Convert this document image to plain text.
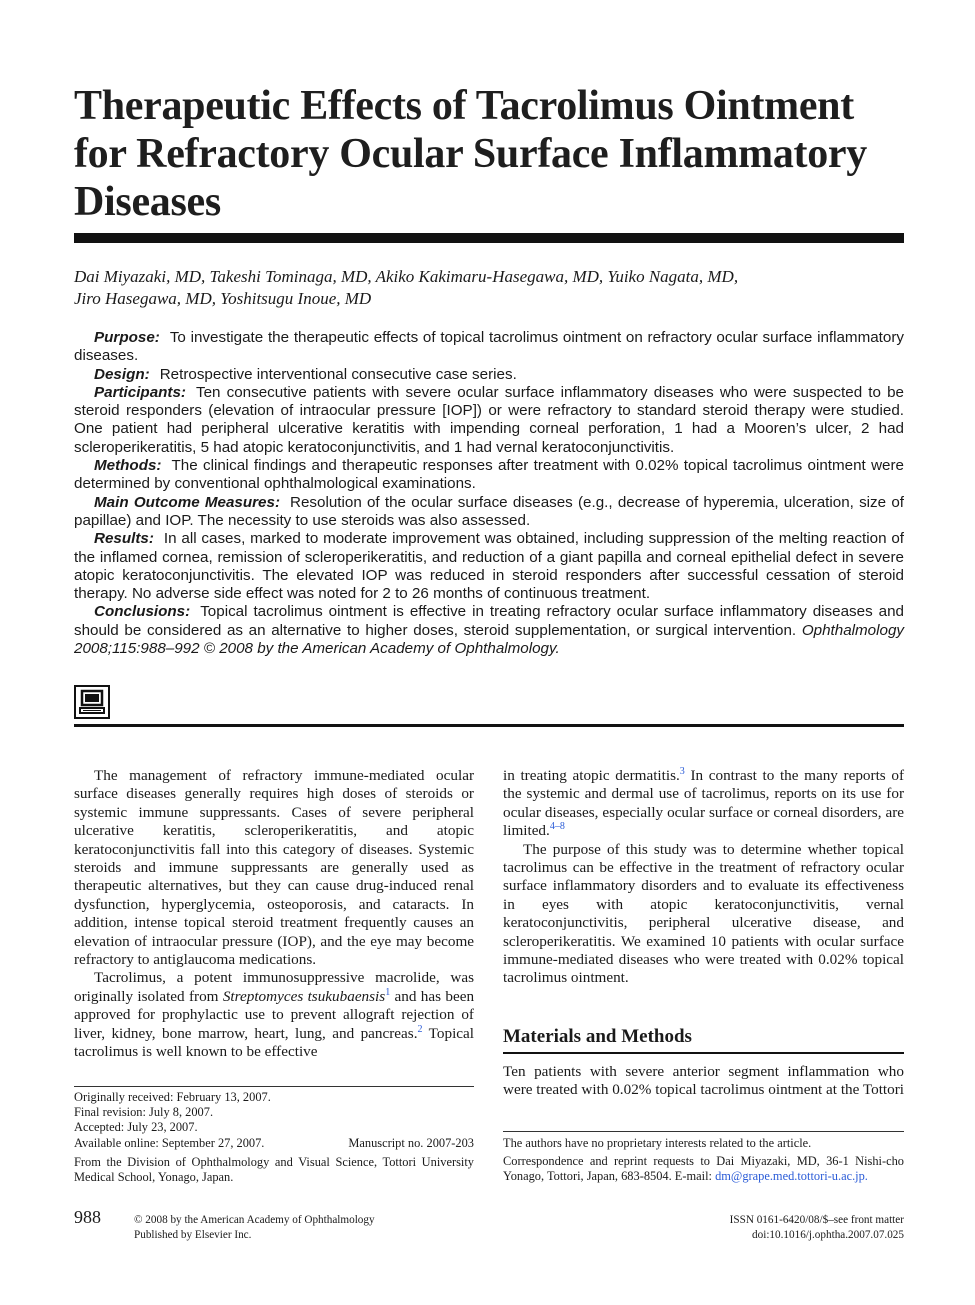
Therapeutic Effects of Tacrolimus Ointment for Refractory Ocular Surface Inflammatory Diseases
Dai Miyazaki, MD, Takeshi Tominaga, MD, Akiko Kakimaru-Hasegawa, MD, Yuiko Nagata, MD,
Jiro Hasegawa, MD, Yoshitsugu Inoue, MD

Purpose: To investigate the therapeutic effects of topical tacrolimus ointment on refractory ocular surface inflammatory diseases.

Design: Retrospective interventional consecutive case series.

Participants: Ten consecutive patients with severe ocular surface inflammatory diseases who were suspected to be steroid responders (elevation of intraocular pressure [IOP]) or were refractory to standard steroid therapy were studied. One patient had peripheral ulcerative keratitis with impending corneal perforation, 1 had a Mooren’s ulcer, 2 had scleroperikeratitis, 5 had atopic keratoconjunctivitis, and 1 had vernal keratoconjunctivitis.

Methods: The clinical findings and therapeutic responses after treatment with 0.02% topical tacrolimus ointment were determined by conventional ophthalmological examinations.

Main Outcome Measures: Resolution of the ocular surface diseases (e.g., decrease of hyperemia, ulceration, size of papillae) and IOP. The necessity to use steroids was also assessed.

Results: In all cases, marked to moderate improvement was obtained, including suppression of the melting reaction of the inflamed cornea, remission of scleroperikeratitis, and reduction of a giant papilla and corneal epithelial defect in severe atopic keratoconjunctivitis. The elevated IOP was reduced in steroid responders after successful cessation of steroid therapy. No adverse side effect was noted for 2 to 26 months of continuous treatment.

Conclusions: Topical tacrolimus ointment is effective in treating refractory ocular surface inflammatory diseases and should be considered as an alternative to higher doses, steroid supplementation, or surgical intervention. Ophthalmology 2008;115:988–992 © 2008 by the American Academy of Ophthalmology.

The management of refractory immune-mediated ocular surface diseases generally requires high doses of steroids or systemic immune suppressants. Cases of severe peripheral ulcerative keratitis, scleroperikeratitis, and atopic keratoconjunctivitis fall into this category of diseases. Systemic steroids and immune suppressants are generally used as therapeutic alternatives, but they can cause drug-induced renal dysfunction, hyperglycemia, osteoporosis, and cataracts. In addition, intense topical steroid treatment frequently causes an elevation of intraocular pressure (IOP), and the eye may become refractory to antiglaucoma medications.

Tacrolimus, a potent immunosuppressive macrolide, was originally isolated from Streptomyces tsukubaensis$^1$ and has been approved for prophylactic use to prevent allograft rejection of liver, kidney, bone marrow, heart, lung, and pancreas.$^2$ Topical tacrolimus is well known to be effective

in treating atopic dermatitis.$^3$ In contrast to the many reports of the systemic and dermal use of tacrolimus, reports on its use for ocular diseases, especially ocular surface or corneal disorders, are limited.$^{4-8}$

The purpose of this study was to determine whether topical tacrolimus can be effective in the treatment of refractory ocular surface inflammatory disorders and to evaluate its effectiveness in eyes with atopic keratoconjunctivitis, vernal keratoconjunctivitis, peripheral ulcerative disease, and scleroperikeratitis. We examined 10 patients with ocular surface immune-mediated diseases who were treated with 0.02% topical tacrolimus ointment.

Materials and Methods

Ten patients with severe anterior segment inflammation who were treated with 0.02% topical tacrolimus ointment at the Tottori

Originally received: February 13, 2007.
Final revision: July 8, 2007.
Accepted: July 23, 2007.
Available online: September 27, 2007.	Manuscript no. 2007-203
From the Division of Ophthalmology and Visual Science, Tottori University Medical School, Yonago, Japan.
The authors have no proprietary interests related to the article.
Correspondence and reprint requests to Dai Miyazaki, MD, 36-1 Nishi-cho Yonago, Tottori, Japan, 683-8504. E-mail: dm@grape.med.tottori-u.ac.jp.
988	© 2008 by the American Academy of Ophthalmology
Published by Elsevier Inc.
ISSN 0161-6420/08/$–see front matter
doi:10.1016/j.ophtha.2007.07.025
